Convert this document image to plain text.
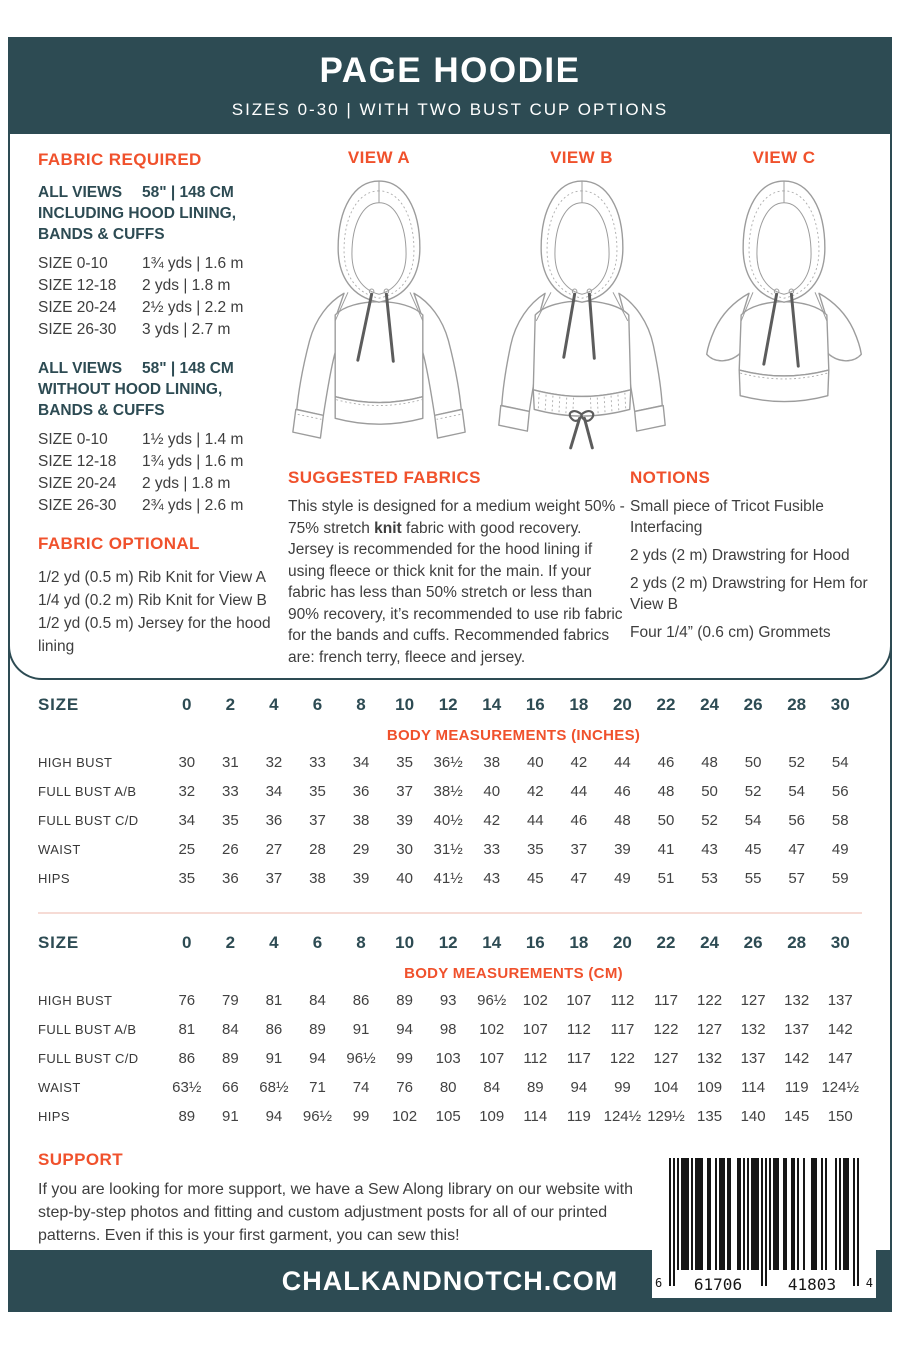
PAGE HOODIE
SIZES 0-30 | WITH TWO BUST CUP OPTIONS
FABRIC REQUIRED
ALL VIEWS	58" | 148 CM
INCLUDING HOOD LINING, BANDS & CUFFS
SIZE 0-10	1¾ yds | 1.6 m
SIZE 12-18	2 yds | 1.8 m
SIZE 20-24	2½ yds | 2.2 m
SIZE 26-30	3 yds | 2.7 m
ALL VIEWS	58" | 148 CM
WITHOUT HOOD LINING, BANDS & CUFFS
SIZE 0-10	1½ yds | 1.4 m
SIZE 12-18	1¾ yds | 1.6 m
SIZE 20-24	2 yds | 1.8 m
SIZE 26-30	2¾ yds | 2.6 m
FABRIC OPTIONAL
1/2 yd (0.5 m) Rib Knit for View A
1/4 yd (0.2 m) Rib Knit for View B
1/2 yd (0.5 m) Jersey for the hood lining
VIEW A	VIEW B	VIEW C
SUGGESTED FABRICS

This style is designed for a medium weight 50% - 75% stretch knit fabric with good recovery. Jersey is recommended for the hood lining if using fleece or thick knit for the main. If your fabric has less than 50% stretch or less than 90% recovery, it’s recommended to use rib fabric for the bands and cuffs. Recommended fabrics are: french terry, fleece and jersey.

NOTIONS
Small piece of Tricot Fusible Interfacing
2 yds (2 m) Drawstring for Hood
2 yds (2 m) Drawstring for Hem for View B
Four 1/4” (0.6 cm) Grommets
SIZE	0	2	4	6	8	10	12	14	16	18	20	22	24	26	28	30
BODY MEASUREMENTS (INCHES)
HIGH BUST	30	31	32	33	34	35	36½	38	40	42	44	46	48	50	52	54
FULL BUST A/B	32	33	34	35	36	37	38½	40	42	44	46	48	50	52	54	56
FULL BUST C/D	34	35	36	37	38	39	40½	42	44	46	48	50	52	54	56	58
WAIST	25	26	27	28	29	30	31½	33	35	37	39	41	43	45	47	49
HIPS	35	36	37	38	39	40	41½	43	45	47	49	51	53	55	57	59
SIZE	0	2	4	6	8	10	12	14	16	18	20	22	24	26	28	30
BODY MEASUREMENTS (CM)
HIGH BUST	76	79	81	84	86	89	93	96½	102	107	112	117	122	127	132	137
FULL BUST A/B	81	84	86	89	91	94	98	102	107	112	117	122	127	132	137	142
FULL BUST C/D	86	89	91	94	96½	99	103	107	112	117	122	127	132	137	142	147
WAIST	63½	66	68½	71	74	76	80	84	89	94	99	104	109	114	119 124½
HIPS	89	91	94	96½	99	102	105	109	114	119 124½ 129½ 135	140	145	150
SUPPORT

If you are looking for more support, we have a Sew Along library on our website with step-by-step photos and fitting and custom adjustment posts for all of our printed patterns. Even if this is your first garment, you can sew this!

CHALKANDNOTCH.COM	6	61706	41803	4
